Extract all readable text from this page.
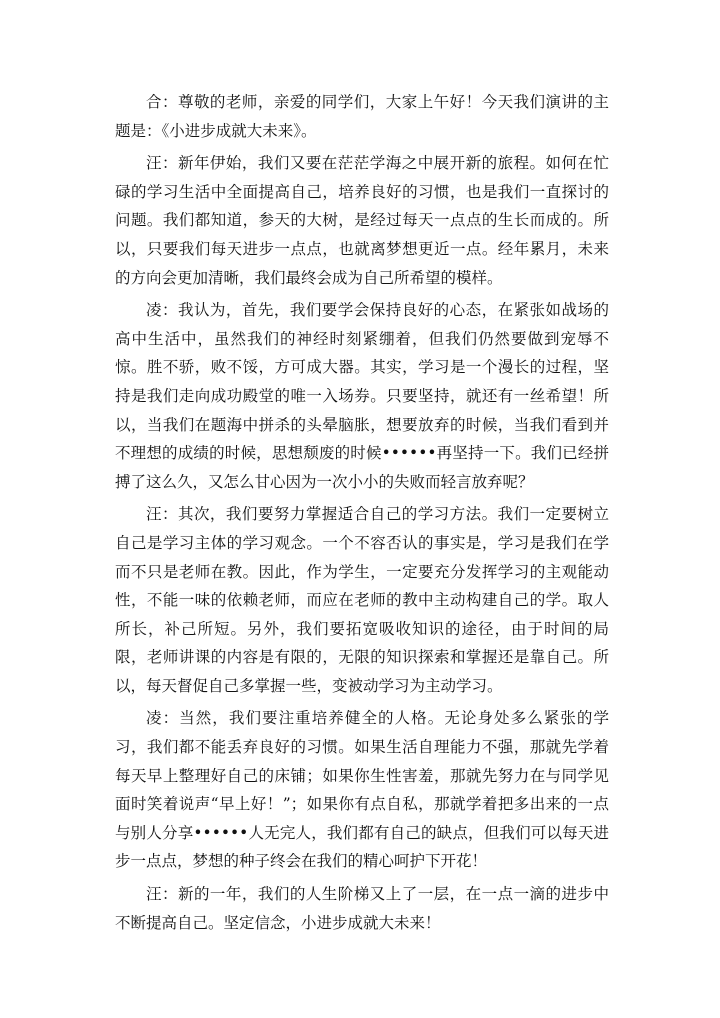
合：尊敬的老师，亲爱的同学们，大家上午好！今天我们演讲的主题是：《小进步成就大未来》。

汪：新年伊始，我们又要在茫茫学海之中展开新的旅程。如何在忙碌的学习生活中全面提高自己，培养良好的习惯，也是我们一直探讨的问题。我们都知道，参天的大树，是经过每天一点点的生长而成的。所以，只要我们每天进步一点点，也就离梦想更近一点。经年累月，未来的方向会更加清晰，我们最终会成为自己所希望的模样。

凌：我认为，首先，我们要学会保持良好的心态，在紧张如战场的高中生活中，虽然我们的神经时刻紧绷着，但我们仍然要做到宠辱不惊。胜不骄，败不馁，方可成大器。其实，学习是一个漫长的过程，坚持是我们走向成功殿堂的唯一入场券。只要坚持，就还有一丝希望！所以，当我们在题海中拼杀的头晕脑胀，想要放弃的时候，当我们看到并不理想的成绩的时候，思想颓废的时候••••••再坚持一下。我们已经拼搏了这么久，又怎么甘心因为一次小小的失败而轻言放弃呢？

汪：其次，我们要努力掌握适合自己的学习方法。我们一定要树立自己是学习主体的学习观念。一个不容否认的事实是，学习是我们在学而不只是老师在教。因此，作为学生，一定要充分发挥学习的主观能动性，不能一味的依赖老师，而应在老师的教中主动构建自己的学。取人所长，补己所短。另外，我们要拓宽吸收知识的途径，由于时间的局限，老师讲课的内容是有限的，无限的知识探索和掌握还是靠自己。所以，每天督促自己多掌握一些，变被动学习为主动学习。

凌：当然，我们要注重培养健全的人格。无论身处多么紧张的学习，我们都不能丢弃良好的习惯。如果生活自理能力不强，那就先学着每天早上整理好自己的床铺；如果你生性害羞，那就先努力在与同学见面时笑着说声“早上好！”；如果你有点自私，那就学着把多出来的一点与别人分享••••••人无完人，我们都有自己的缺点，但我们可以每天进步一点点，梦想的种子终会在我们的精心呵护下开花！

汪：新的一年，我们的人生阶梯又上了一层，在一点一滴的进步中不断提高自己。坚定信念，小进步成就大未来！
